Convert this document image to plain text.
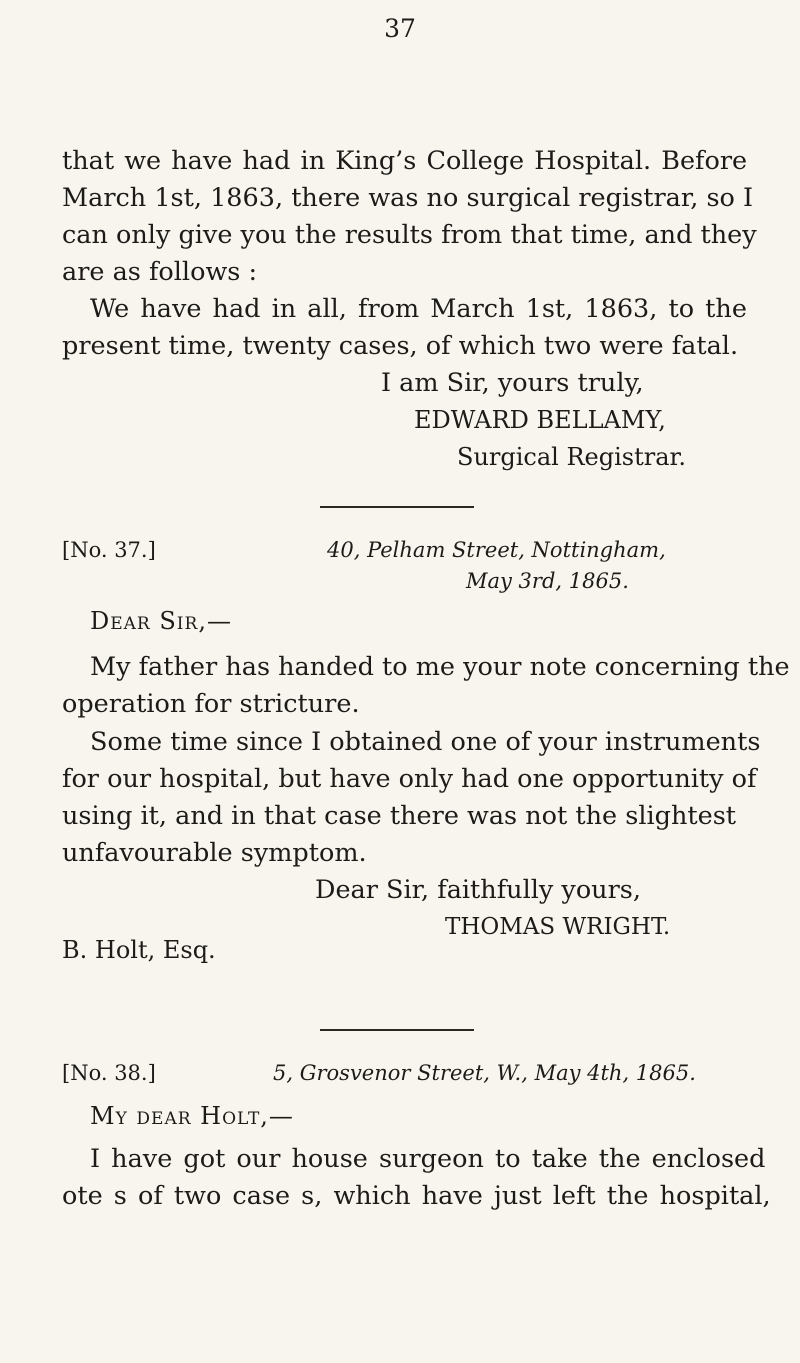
37
that we have had in King’s College Hospital. Before
March 1st, 1863, there was no surgical registrar, so I
can only give you the results from that time, and they
are as follows :
We have had in all, from March 1st, 1863, to the
present time, twenty cases, of which two were fatal.
I am Sir, yours truly,
EDWARD BELLAMY,
Surgical Registrar.
[No. 37.]	40, Pelham Street, Nottingham,
May 3rd, 1865.
Dear Sir,—
My father has handed to me your note concerning the
operation for stricture.
Some time since I obtained one of your instruments
for our hospital, but have only had one opportunity of
using it, and in that case there was not the slightest
unfavourable symptom.
Dear Sir, faithfully yours,
THOMAS WRIGHT.
B. Holt, Esq.
[No. 38.]	5, Grosvenor Street, W., May 4th, 1865.
My dear Holt,—
I have got our house surgeon to take the enclosed
ote s of two case s, which have just left the hospital,
